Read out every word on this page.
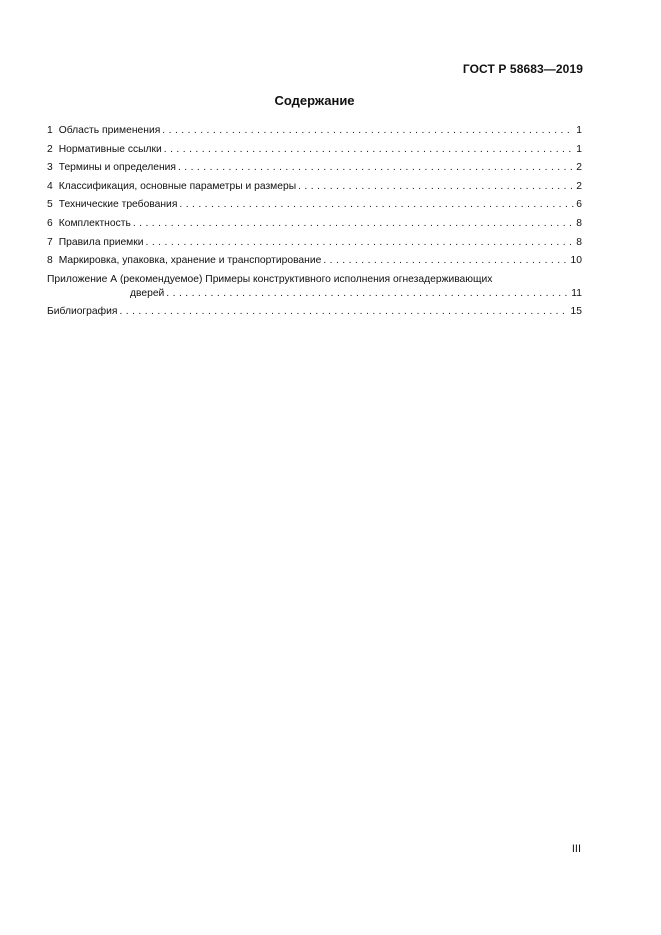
ГОСТ Р 58683—2019
Содержание
1 Область применения . . .	1
2 Нормативные ссылки . . .	1
3 Термины и определения . . .	2
4 Классификация, основные параметры и размеры . . .	2
5 Технические требования . . .	6
6 Комплектность . . .	8
7 Правила приемки . . .	8
8 Маркировка, упаковка, хранение и транспортирование . . .	10
Приложение А (рекомендуемое) Примеры конструктивного исполнения огнезадерживающих
дверей . . .	11
Библиография . . .	15
III
